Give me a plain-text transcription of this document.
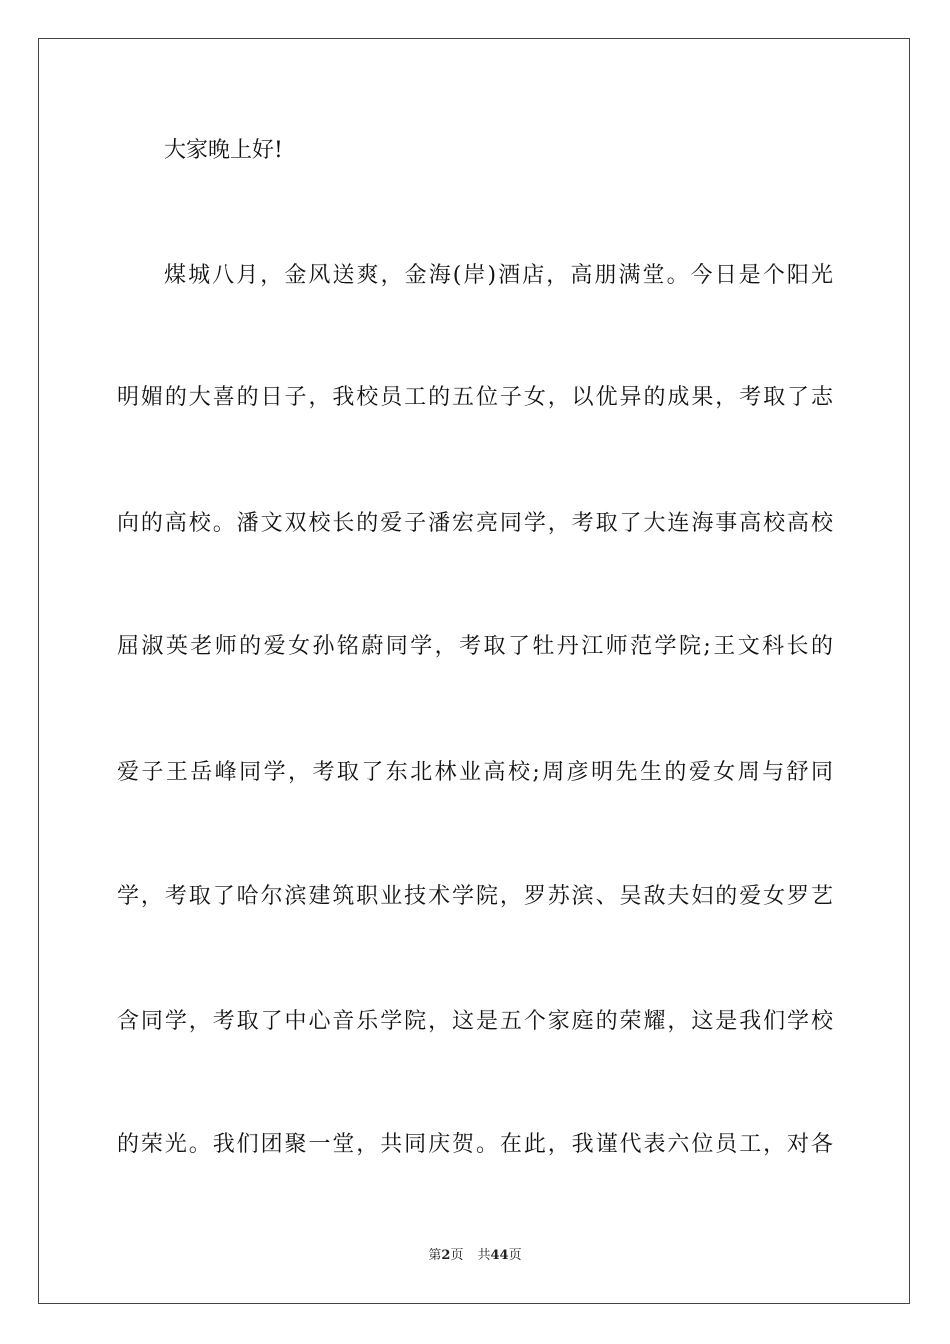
大家晚上好!
煤城八月，金风送爽，金海(岸)酒店，高朋满堂。今日是个阳光
明媚的大喜的日子，我校员工的五位子女，以优异的成果，考取了志
向的高校。潘文双校长的爱子潘宏亮同学，考取了大连海事高校高校
屈淑英老师的爱女孙铭蔚同学，考取了牡丹江师范学院;王文科长的
爱子王岳峰同学，考取了东北林业高校;周彦明先生的爱女周与舒同
学，考取了哈尔滨建筑职业技术学院，罗苏滨、吴敌夫妇的爱女罗艺
含同学，考取了中心音乐学院，这是五个家庭的荣耀，这是我们学校
的荣光。我们团聚一堂，共同庆贺。在此，我谨代表六位员工，对各
第2页 共44页
